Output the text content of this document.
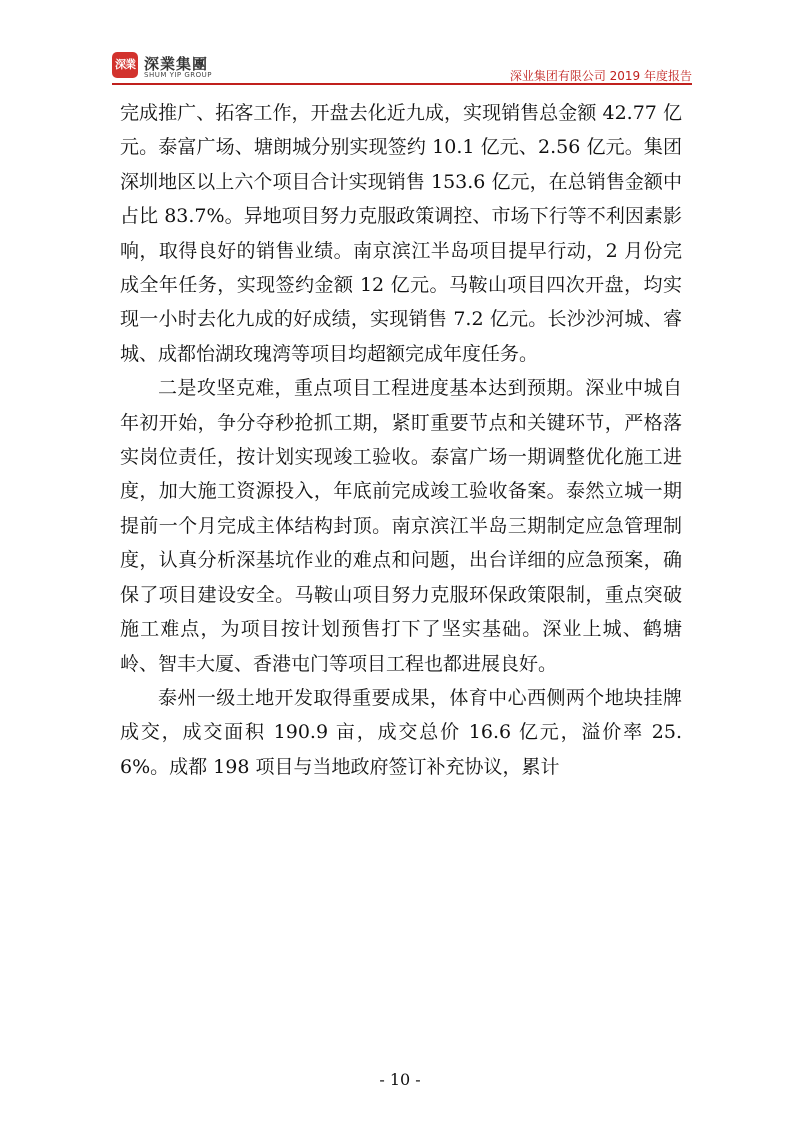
深業 深業集團
SHUM YIP GROUP	深业集团有限公司 2019 年度报告

完成推广、拓客工作，开盘去化近九成，实现销售总金额 42.77 亿元。泰富广场、塘朗城分别实现签约 10.1 亿元、2.56 亿元。集团深圳地区以上六个项目合计实现销售 153.6 亿元，在总销售金额中占比 83.7%。异地项目努力克服政策调控、市场下行等不利因素影响，取得良好的销售业绩。南京滨江半岛项目提早行动，2 月份完成全年任务，实现签约金额 12 亿元。马鞍山项目四次开盘，均实现一小时去化九成的好成绩，实现销售 7.2 亿元。长沙沙河城、睿城、成都怡湖玫瑰湾等项目均超额完成年度任务。

二是攻坚克难，重点项目工程进度基本达到预期。深业中城自年初开始，争分夺秒抢抓工期，紧盯重要节点和关键环节，严格落实岗位责任，按计划实现竣工验收。泰富广场一期调整优化施工进度，加大施工资源投入，年底前完成竣工验收备案。泰然立城一期提前一个月完成主体结构封顶。南京滨江半岛三期制定应急管理制度，认真分析深基坑作业的难点和问题，出台详细的应急预案，确保了项目建设安全。马鞍山项目努力克服环保政策限制，重点突破施工难点，为项目按计划预售打下了坚实基础。深业上城、鹤塘岭、智丰大厦、香港屯门等项目工程也都进展良好。

泰州一级土地开发取得重要成果，体育中心西侧两个地块挂牌成交，成交面积 190.9 亩，成交总价 16.6 亿元，溢价率 25.6%。成都 198 项目与当地政府签订补充协议，累计

- 10 -
